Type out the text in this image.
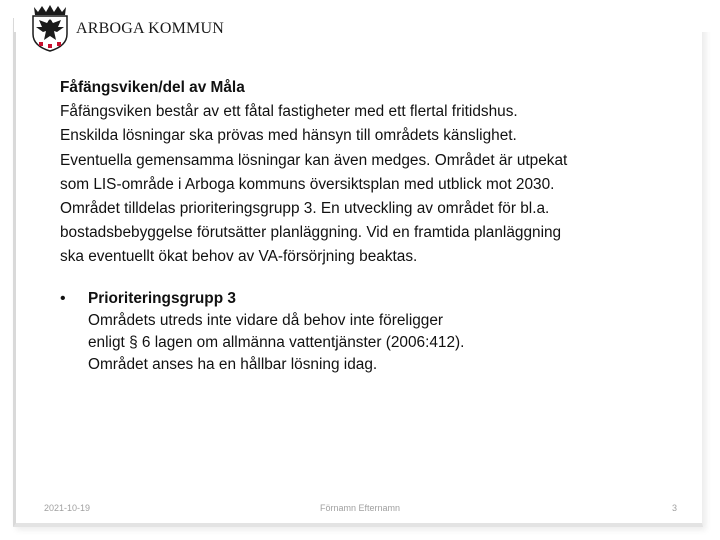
ARBOGA KOMMUN

Fåfängsviken/del av Måla

Fåfängsviken består av ett fåtal fastigheter med ett flertal fritidshus.
Enskilda lösningar ska prövas med hänsyn till områdets känslighet.
Eventuella gemensamma lösningar kan även medges. Området är utpekat
som LIS-område i Arboga kommuns översiktsplan med utblick mot 2030.

Området tilldelas prioriteringsgrupp 3. En utveckling av området för bl.a.
bostadsbebyggelse förutsätter planläggning. Vid en framtida planläggning
ska eventuellt ökat behov av VA-försörjning beaktas.

•	Prioriteringsgrupp 3
Områdets utreds inte vidare då behov inte föreligger
enligt § 6 lagen om allmänna vattentjänster (2006:412).
Området anses ha en hållbar lösning idag.
2021-10-19	Förnamn Efternamn	3
